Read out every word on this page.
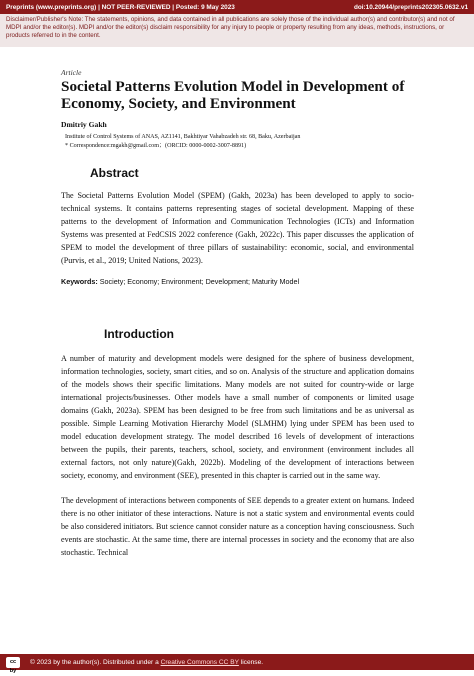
Preprints (www.preprints.org) | NOT PEER-REVIEWED | Posted: 9 May 2023	doi:10.20944/preprints202305.0632.v1
Disclaimer/Publisher's Note: The statements, opinions, and data contained in all publications are solely those of the individual author(s) and contributor(s) and not of MDPI and/or the editor(s). MDPI and/or the editor(s) disclaim responsibility for any injury to people or property resulting from any ideas, methods, instructions, or products referred to in the content.
Article
Societal Patterns Evolution Model in Development of Economy, Society, and Environment
Dmitriy Gakh
Institute of Control Systems of ANAS, AZ1141, Bakhtiyar Vahabzadeh str. 68, Baku, Azerbaijan
* Correspondence:mgakh@gmail.com；(ORCID: 0000-0002-3007-8891)
Abstract

The Societal Patterns Evolution Model (SPEM) (Gakh, 2023a) has been developed to apply to socio-technical systems. It contains patterns representing stages of societal development. Mapping of these patterns to the development of Information and Communication Technologies (ICTs) and Information Systems was presented at FedCSIS 2022 conference (Gakh, 2022c). This paper discusses the application of SPEM to model the development of three pillars of sustainability: economic, social, and environmental (Purvis, et al., 2019; United Nations, 2023).

Keywords: Society; Economy; Environment; Development; Maturity Model
Introduction

A number of maturity and development models were designed for the sphere of business development, information technologies, society, smart cities, and so on. Analysis of the structure and application domains of the models shows their specific limitations. Many models are not suited for country-wide or large international projects/businesses. Other models have a small number of components or limited usage domains (Gakh, 2023a). SPEM has been designed to be free from such limitations and be as universal as possible. Simple Learning Motivation Hierarchy Model (SLMHM) lying under SPEM has been used to model education development strategy. The model described 16 levels of development of interactions between the pupils, their parents, teachers, school, society, and environment (environment includes all external factors, not only nature)(Gakh, 2022b). Modeling of the development of interactions between society, economy, and environment (SEE), presented in this chapter is carried out in the same way.

The development of interactions between components of SEE depends to a greater extent on humans. Indeed there is no other initiator of these interactions. Nature is not a static system and environmental events could be also considered initiators. But science cannot consider nature as a conception having consciousness. Such events are stochastic. At the same time, there are internal processes in society and the economy that are also stochastic. Technical

cc by
© 2023 by the author(s). Distributed under a Creative Commons CC BY license.
